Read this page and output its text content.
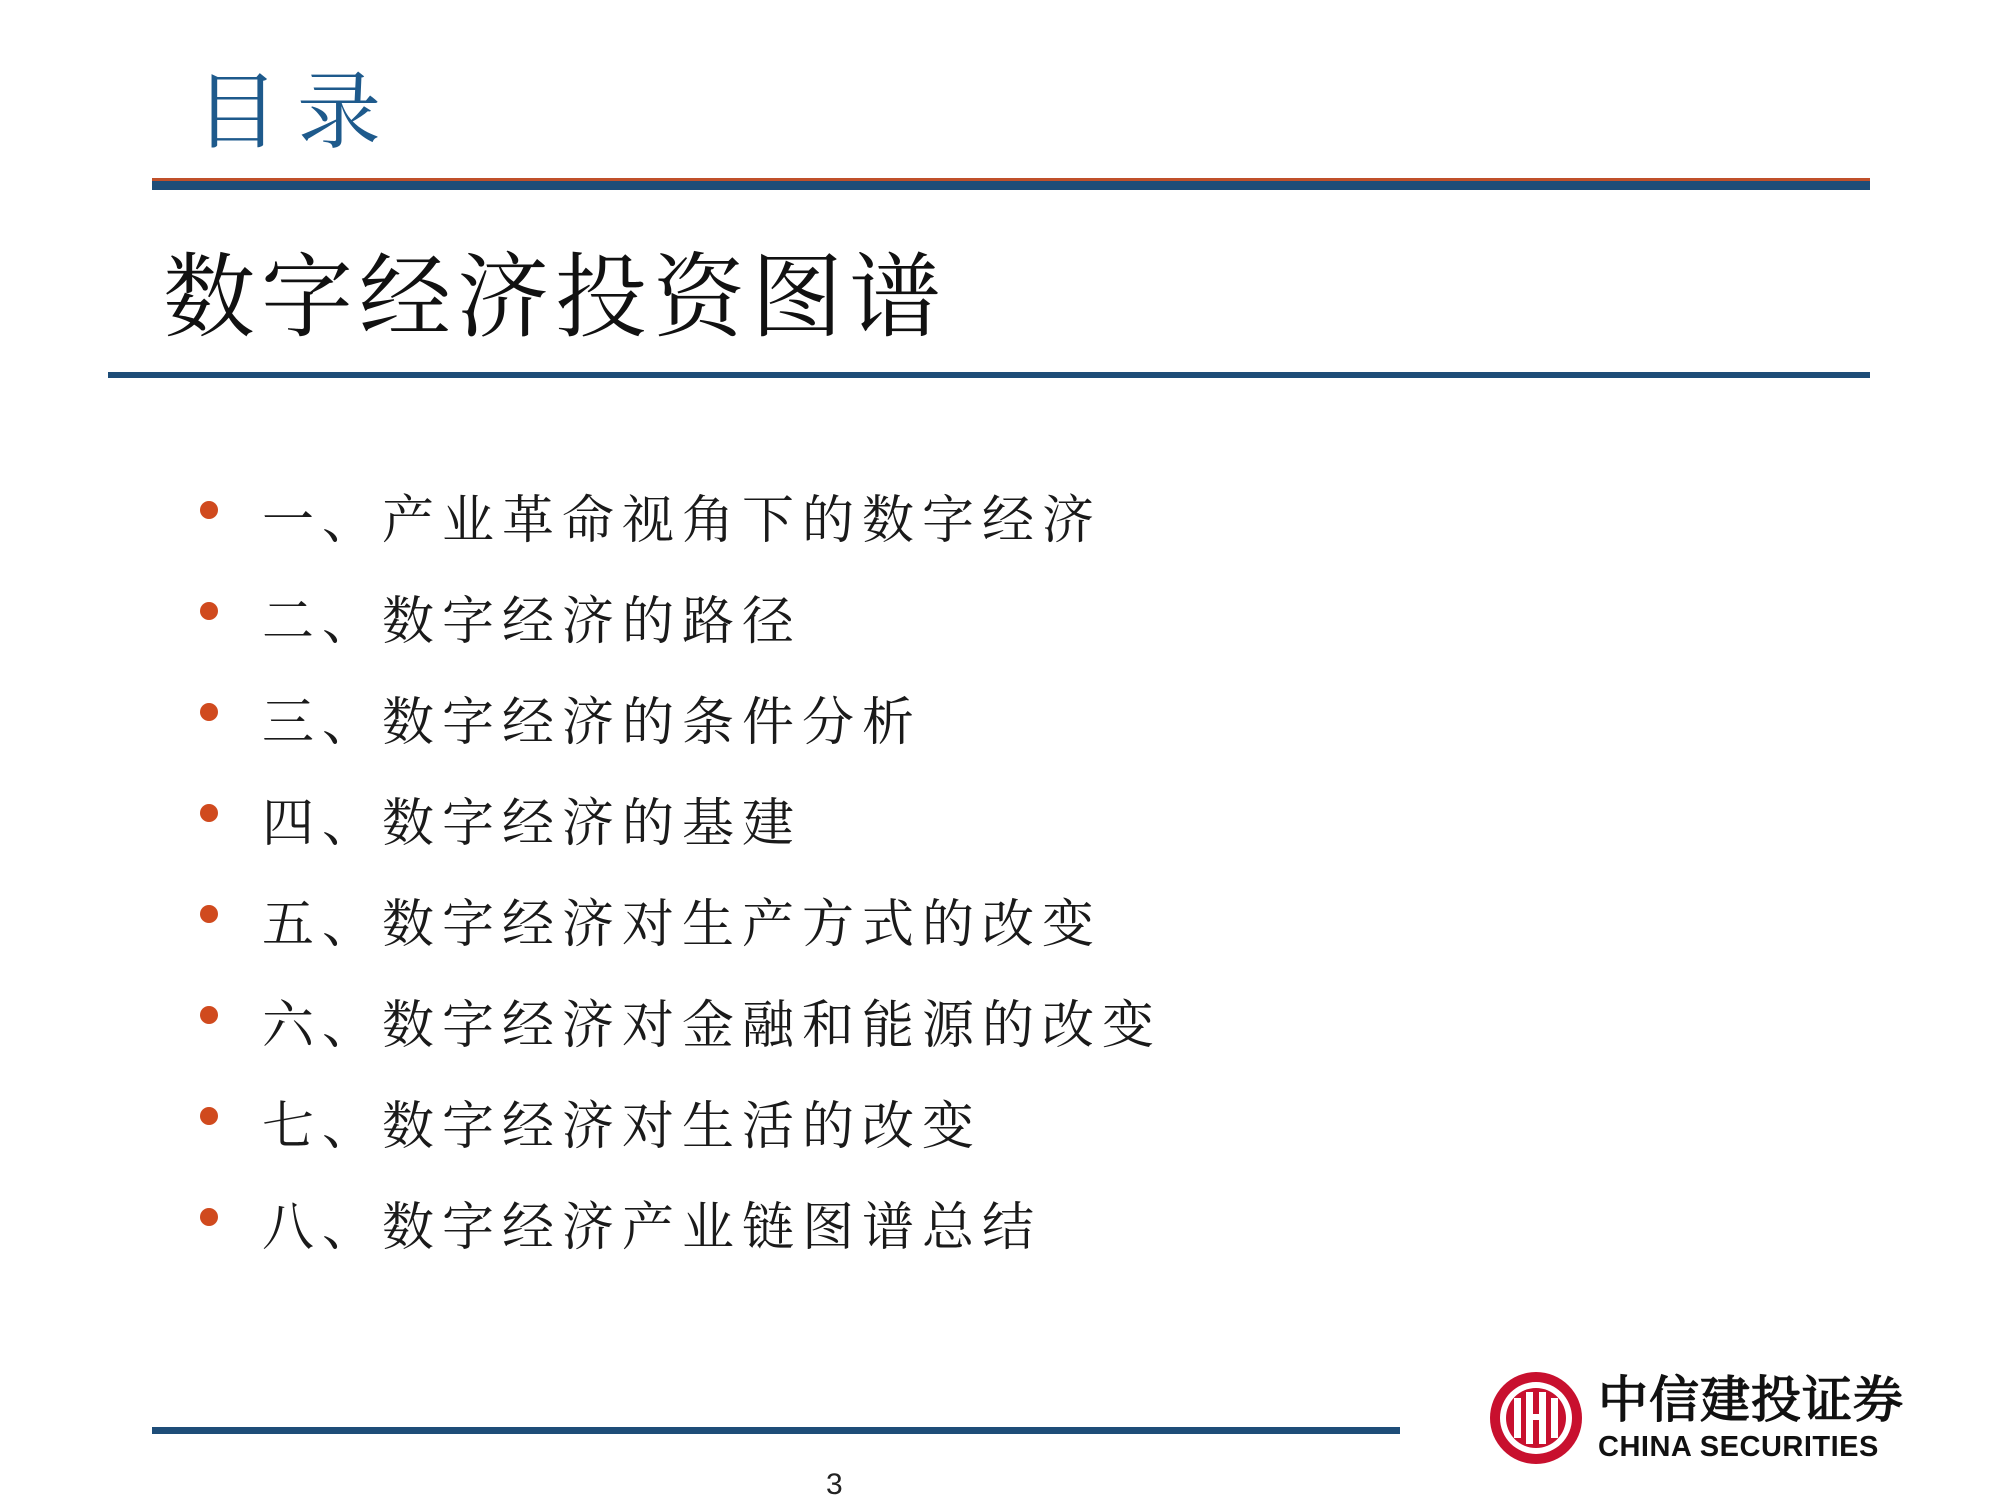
目录
数字经济投资图谱
一、产业革命视角下的数字经济
二、数字经济的路径
三、数字经济的条件分析
四、数字经济的基建
五、数字经济对生产方式的改变
六、数字经济对金融和能源的改变
七、数字经济对生活的改变
八、数字经济产业链图谱总结
3
中信建投证券
CHINA SECURITIES
